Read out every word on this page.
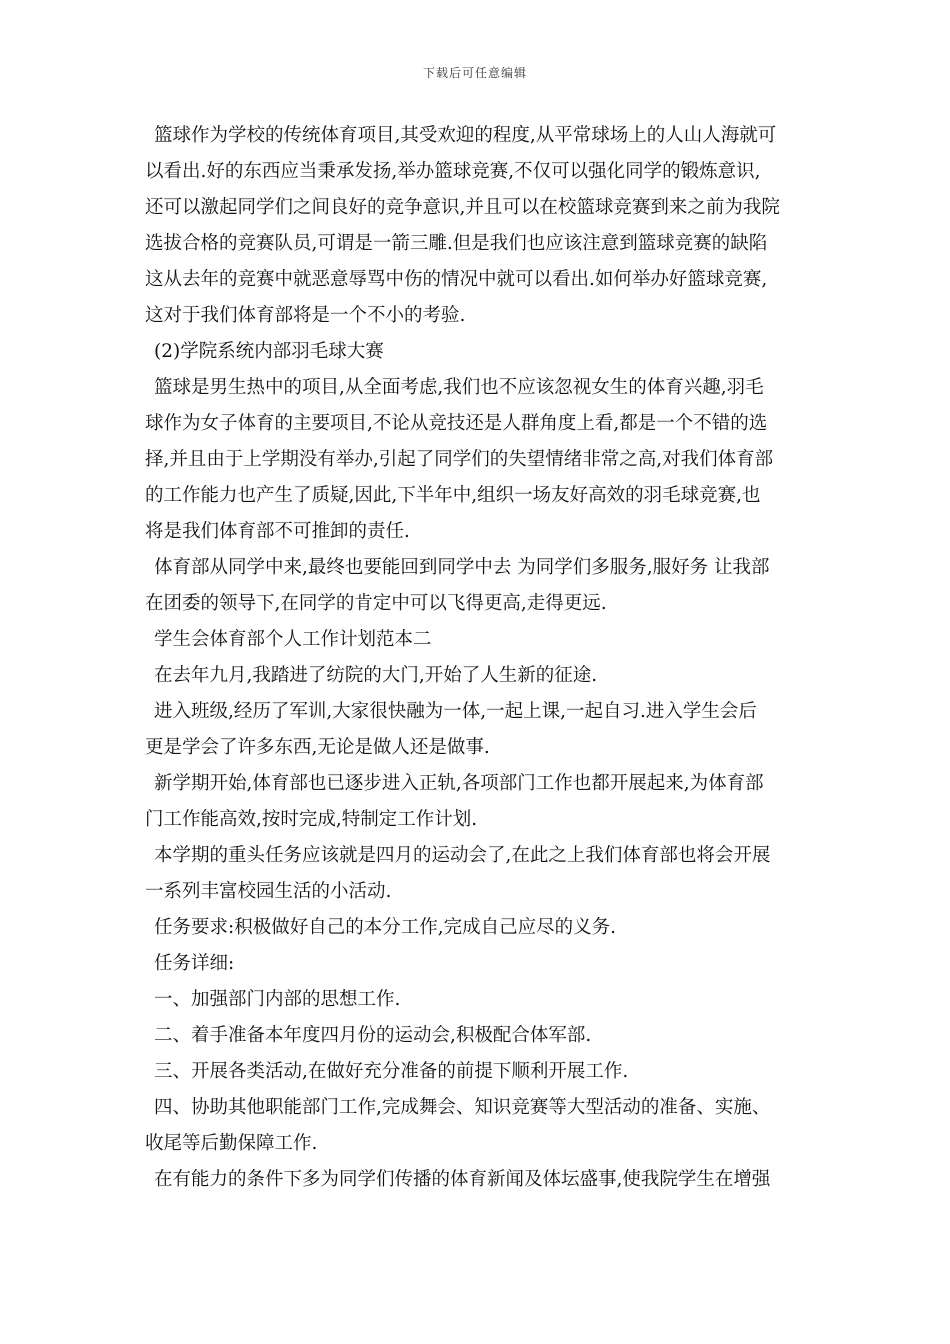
下载后可任意编辑
篮球作为学校的传统体育项目,其受欢迎的程度,从平常球场上的人山人海就可
以看出.好的东西应当秉承发扬,举办篮球竞赛,不仅可以强化同学的锻炼意识,
还可以激起同学们之间良好的竞争意识,并且可以在校篮球竞赛到来之前为我院
选拔合格的竞赛队员,可谓是一箭三雕.但是我们也应该注意到篮球竞赛的缺陷
这从去年的竞赛中就恶意辱骂中伤的情况中就可以看出.如何举办好篮球竞赛,
这对于我们体育部将是一个不小的考验.
(2)学院系统内部羽毛球大赛
篮球是男生热中的项目,从全面考虑,我们也不应该忽视女生的体育兴趣,羽毛
球作为女子体育的主要项目,不论从竞技还是人群角度上看,都是一个不错的选
择,并且由于上学期没有举办,引起了同学们的失望情绪非常之高,对我们体育部
的工作能力也产生了质疑,因此,下半年中,组织一场友好高效的羽毛球竞赛,也
将是我们体育部不可推卸的责任.
体育部从同学中来,最终也要能回到同学中去 为同学们多服务,服好务 让我部
在团委的领导下,在同学的肯定中可以飞得更高,走得更远.
学生会体育部个人工作计划范本二
在去年九月,我踏进了纺院的大门,开始了人生新的征途.
进入班级,经历了军训,大家很快融为一体,一起上课,一起自习.进入学生会后
更是学会了许多东西,无论是做人还是做事.
新学期开始,体育部也已逐步进入正轨,各项部门工作也都开展起来,为体育部
门工作能高效,按时完成,特制定工作计划.
本学期的重头任务应该就是四月的运动会了,在此之上我们体育部也将会开展
一系列丰富校园生活的小活动.
任务要求:积极做好自己的本分工作,完成自己应尽的义务.
任务详细:
一、加强部门内部的思想工作.
二、着手准备本年度四月份的运动会,积极配合体军部.
三、开展各类活动,在做好充分准备的前提下顺利开展工作.
四、协助其他职能部门工作,完成舞会、知识竞赛等大型活动的准备、实施、
收尾等后勤保障工作.
在有能力的条件下多为同学们传播的体育新闻及体坛盛事,使我院学生在增强
